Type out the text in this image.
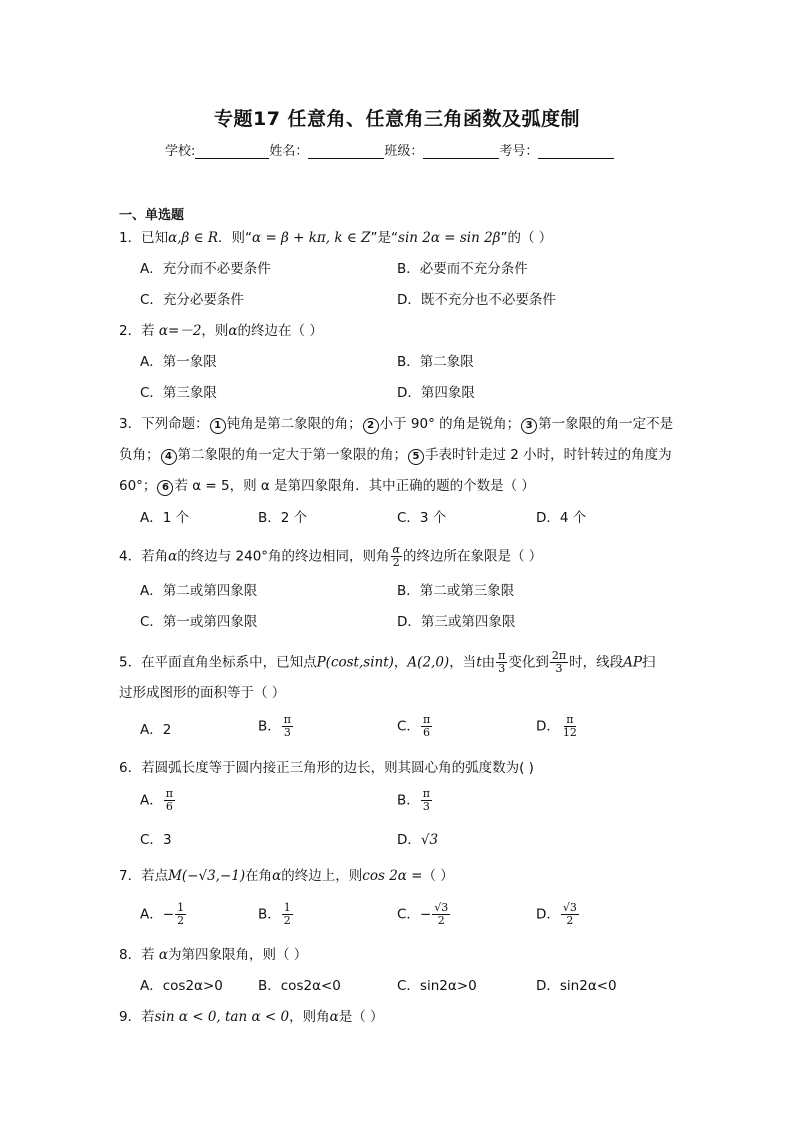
专题17 任意角、任意角三角函数及弧度制
学校:	姓名：	班级：	考号：
一、单选题
1．已知α,β ∈ R．则“α = β + kπ, k ∈ Z”是“sin 2α = sin 2β”的（ ）
A．充分而不必要条件	B．必要而不充分条件
C．充分必要条件	D．既不充分也不必要条件
2．若 α=－2，则α的终边在（ ）
A．第一象限	B．第二象限
C．第三象限	D．第四象限
3．下列命题： 1 钝角是第二象限的角； 2 小于 90° 的角是锐角； 3 第一象限的角一定不是负角； 4 第二象限的角一定大于第一象限的角； 5 手表时针走过 2 小时，时针转过的角度为 60°； 6 若 α = 5，则 α 是第四象限角．其中正确的题的个数是（ ）
A．1 个	B．2 个	C．3 个	D．4 个
4．若角α的终边与 240°角的终边相同，则角 $\frac{\alpha}{2}$ 的终边所在象限是（ ）
A．第二或第四象限	B．第二或第三象限
C．第一或第四象限	D．第三或第四象限
5．在平面直角坐标系中，已知点P(cost,sint)，A(2,0)，当t由 $\frac{\pi}{3}$ 变化到 $\frac{2\pi}{3}$ 时，线段AP扫
过形成图形的面积等于（ ）
A．2	B． $\frac{\pi}{3}$	C． $\frac{\pi}{6}$	D． $\frac{\pi}{12}$
6．若圆弧长度等于圆内接正三角形的边长，则其圆心角的弧度数为( )
A． $\frac{\pi}{6}$	B． $\frac{\pi}{3}$
C．3	D．√3
7．若点M(−√3,−1)在角α的终边上，则cos 2α =（ ）
A．− $\frac{1}{2}$	B． $\frac{1}{2}$	C．− $\frac{√3}{2}$	D． $\frac{√3}{2}$
8．若 α为第四象限角，则（ ）
A．cos2α>0	B．cos2α<0	C．sin2α>0	D．sin2α<0
9．若sin α < 0, tan α < 0，则角α是（ ）
